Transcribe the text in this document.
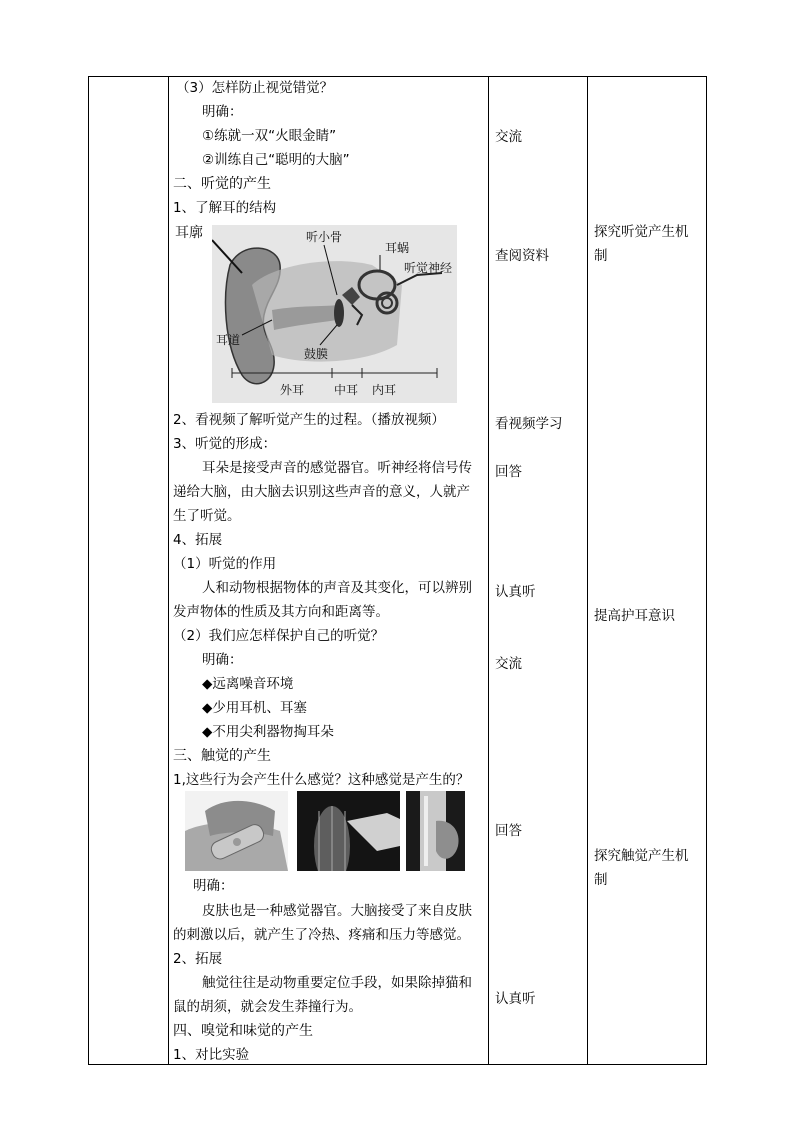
（3）怎样防止视觉错觉？
明确：
①练就一双“火眼金睛”
②训练自己“聪明的大脑”
二、听觉的产生
1、了解耳的结构
耳廓	听小骨
耳蜗
听觉神经
耳道
鼓膜
外耳 中耳 内耳
2、看视频了解听觉产生的过程。（播放视频）
3、听觉的形成：
耳朵是接受声音的感觉器官。听神经将信号传
递给大脑，由大脑去识别这些声音的意义，人就产
生了听觉。
4、拓展
（1）听觉的作用
人和动物根据物体的声音及其变化，可以辨别
发声物体的性质及其方向和距离等。
（2）我们应怎样保护自己的听觉？
明确：
◆远离噪音环境
◆少用耳机、耳塞
◆不用尖利器物掏耳朵
三、触觉的产生
1,这些行为会产生什么感觉？这种感觉是产生的？
明确：
皮肤也是一种感觉器官。大脑接受了来自皮肤
的刺激以后，就产生了冷热、疼痛和压力等感觉。
2、拓展
触觉往往是动物重要定位手段，如果除掉猫和
鼠的胡须，就会发生莽撞行为。
四、嗅觉和味觉的产生
1、对比实验
交流
查阅资料
看视频学习
回答
认真听
交流
回答
认真听
探究听觉产生机
制
提高护耳意识
探究触觉产生机
制
